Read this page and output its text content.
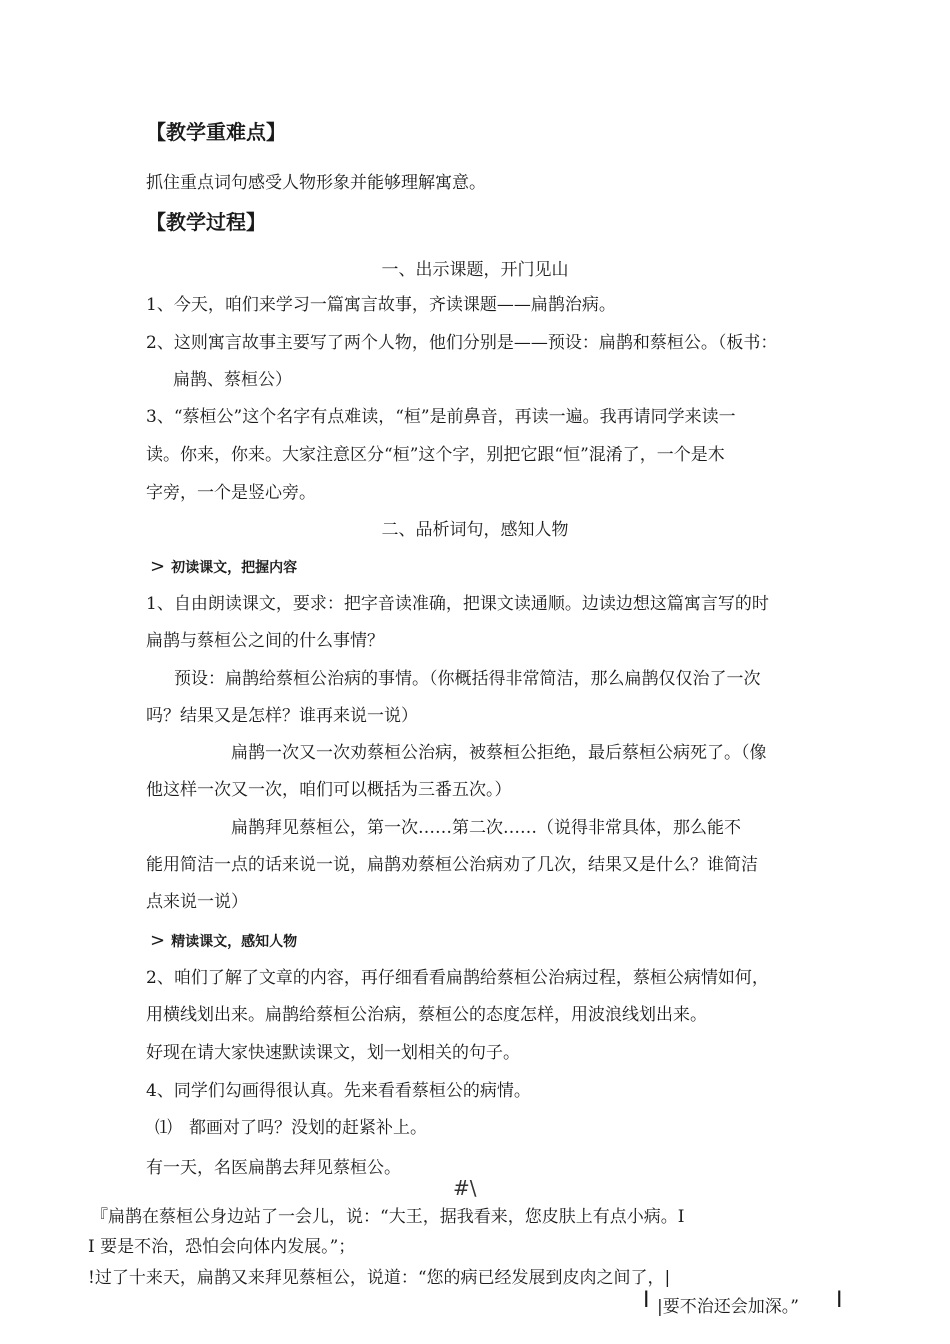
【教学重难点】
抓住重点词句感受人物形象并能够理解寓意。
【教学过程】
一、出示课题，开门见山
1、今天，咱们来学习一篇寓言故事，齐读课题——扁鹊治病。
2、这则寓言故事主要写了两个人物，他们分别是——预设：扁鹊和蔡桓公。（板书：
扁鹊、蔡桓公）
3、“蔡桓公”这个名字有点难读，“桓”是前鼻音，再读一遍。我再请同学来读一
读。你来，你来。大家注意区分“桓”这个字，别把它跟“恒”混淆了，一个是木
字旁，一个是竖心旁。
二、品析词句，感知人物
> 初读课文，把握内容
1、自由朗读课文，要求：把字音读准确，把课文读通顺。边读边想这篇寓言写的时
扁鹊与蔡桓公之间的什么事情？
预设：扁鹊给蔡桓公治病的事情。（你概括得非常简洁，那么扁鹊仅仅治了一次
吗？结果又是怎样？谁再来说一说）
扁鹊一次又一次劝蔡桓公治病，被蔡桓公拒绝，最后蔡桓公病死了。（像
他这样一次又一次，咱们可以概括为三番五次。）
扁鹊拜见蔡桓公，第一次……第二次……（说得非常具体，那么能不
能用简洁一点的话来说一说，扁鹊劝蔡桓公治病劝了几次，结果又是什么？谁简洁
点来说一说）
> 精读课文，感知人物
2、咱们了解了文章的内容，再仔细看看扁鹊给蔡桓公治病过程，蔡桓公病情如何，
用横线划出来。扁鹊给蔡桓公治病，蔡桓公的态度怎样，用波浪线划出来。
好现在请大家快速默读课文，划一划相关的句子。
4、同学们勾画得很认真。先来看看蔡桓公的病情。
⑴　都画对了吗？没划的赶紧补上。
有一天，名医扁鹊去拜见蔡桓公。
#\
『扁鹊在蔡桓公身边站了一会儿，说：“大王，据我看来，您皮肤上有点小病。I
I 要是不治，恐怕会向体内发展。”；
!过了十来天，扁鹊又来拜见蔡桓公，说道：“您的病已经发展到皮肉之间了，|
I |要不治还会加深。” I
